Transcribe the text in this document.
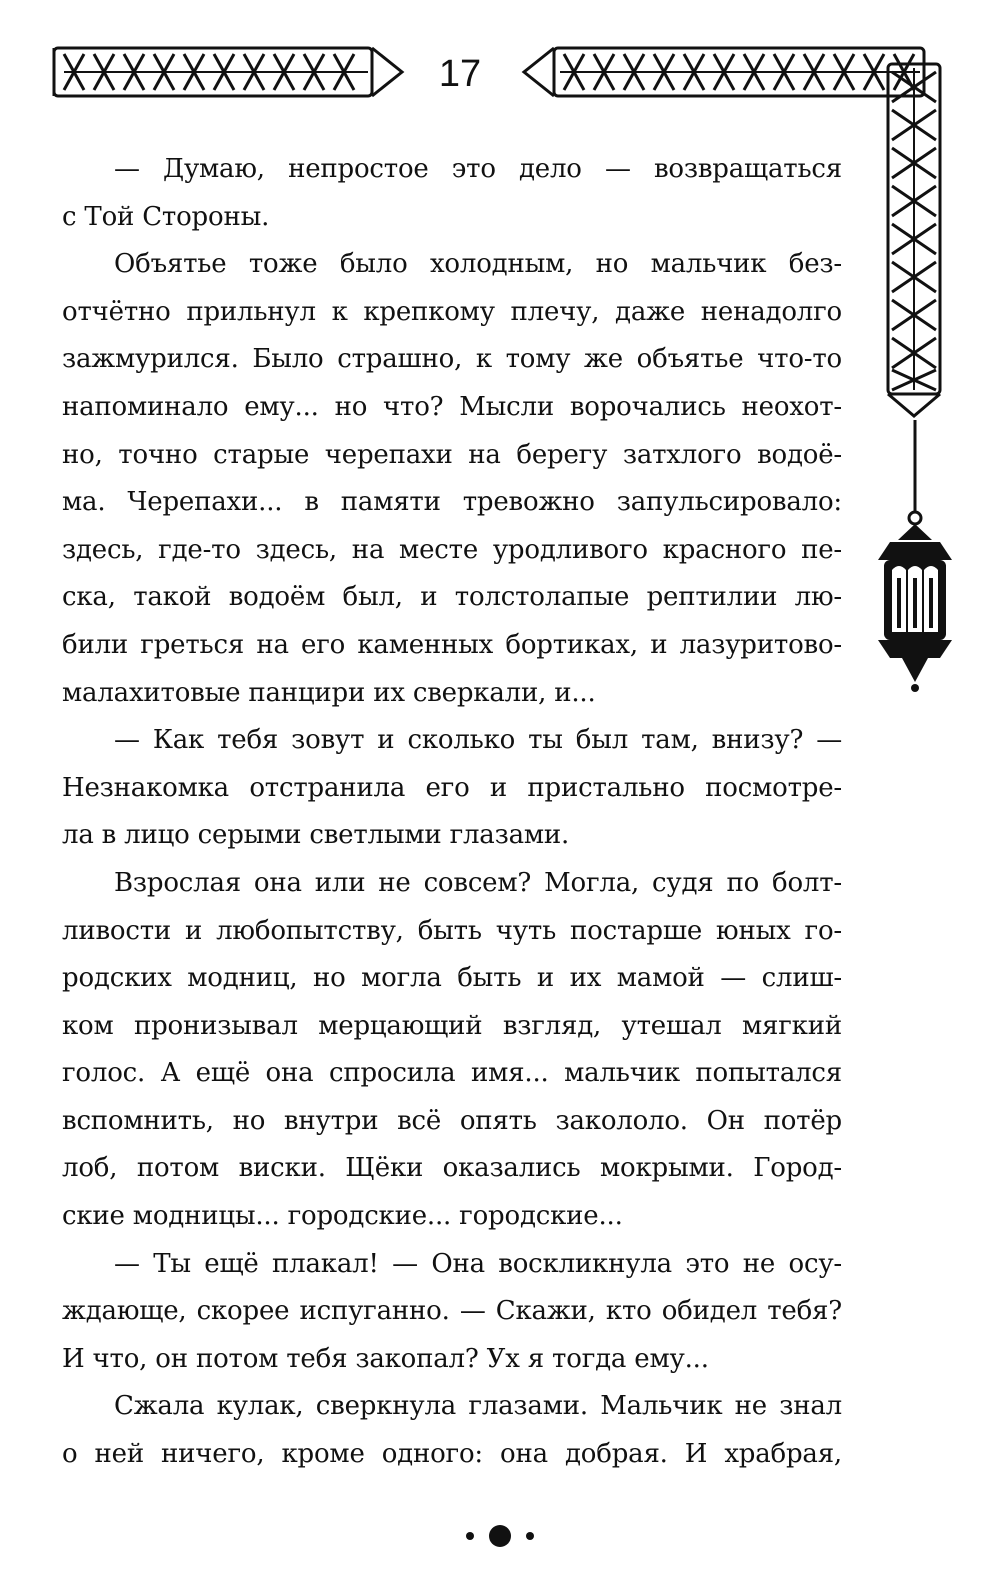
17

— Думаю, непростое это дело — возвращаться
с Той Стороны.

Объятье тоже было холодным, но мальчик без-
отчётно прильнул к крепкому плечу, даже ненадолго
зажмурился. Было страшно, к тому же объятье что-то
напоминало ему... но что? Мысли ворочались неохот-
но, точно старые черепахи на берегу затхлого водоё-
ма. Черепахи... в памяти тревожно запульсировало:
здесь, где-то здесь, на месте уродливого красного пе-
ска, такой водоём был, и толстолапые рептилии лю-
били греться на его каменных бортиках, и лазуритово-
малахитовые панцири их сверкали, и...

— Как тебя зовут и сколько ты был там, внизу? —
Незнакомка отстранила его и пристально посмотре-
ла в лицо серыми светлыми глазами.

Взрослая она или не совсем? Могла, судя по болт-
ливости и любопытству, быть чуть постарше юных го-
родских модниц, но могла быть и их мамой — слиш-
ком пронизывал мерцающий взгляд, утешал мягкий
голос. А ещё она спросила имя... мальчик попытался
вспомнить, но внутри всё опять закололо. Он потёр
лоб, потом виски. Щёки оказались мокрыми. Город-
ские модницы... городские... городские...

— Ты ещё плакал! — Она воскликнула это не осу-
ждающе, скорее испуганно. — Скажи, кто обидел тебя?
И что, он потом тебя закопал? Ух я тогда ему...

Сжала кулак, сверкнула глазами. Мальчик не знал
о ней ничего, кроме одного: она добрая. И храбрая,
